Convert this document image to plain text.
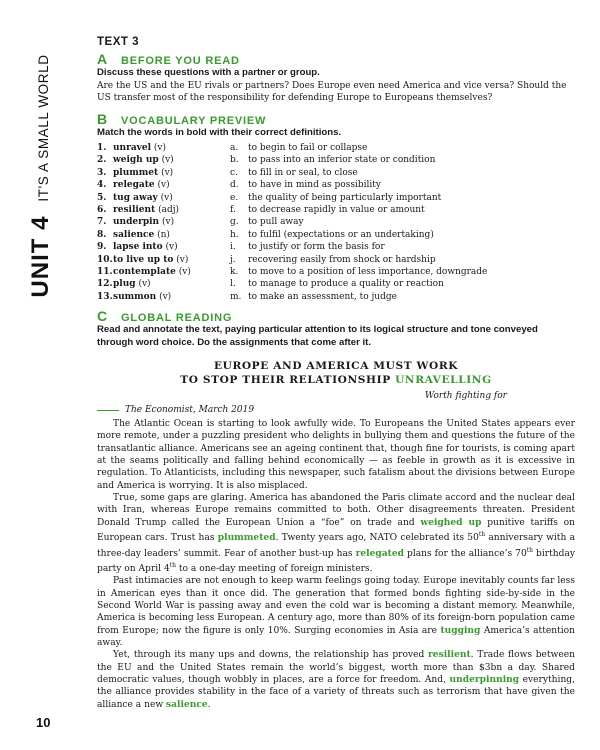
UNIT 4IT'S A SMALL WORLD
10
TEXT 3
A	BEFORE YOU READ
Discuss these questions with a partner or group.
Are the US and the EU rivals or partners? Does Europe even need America and vice versa? Should the US transfer most of the responsibility for defending Europe to Europeans themselves?
B	VOCABULARY PREVIEW
Match the words in bold with their correct definitions.
1. unravel (v)	a.	to begin to fail or collapse
2. weigh up (v)	b.	to pass into an inferior state or condition
3. plummet (v)	c.	to fill in or seal, to close
4. relegate (v)	d.	to have in mind as possibility
5. tug away (v)	e.	the quality of being particularly important
6. resilient (adj)	f.	to decrease rapidly in value or amount
7. underpin (v)	g.	to pull away
8. salience (n)	h.	to fulfil (expectations or an undertaking)
9. lapse into (v)	i.	to justify or form the basis for
10. to live up to (v)	j.	recovering easily from shock or hardship
11. contemplate (v)	k.	to move to a position of less importance, downgrade
12. plug (v)	l.	to manage to produce a quality or reaction
13. summon (v)	m. to make an assessment, to judge
C	GLOBAL READING
Read and annotate the text, paying particular attention to its logical structure and tone conveyed through word choice. Do the assignments that come after it.
EUROPE AND AMERICA MUST WORK
TO STOP THEIR RELATIONSHIP UNRAVELLING
Worth fighting for
The Economist, March 2019

The Atlantic Ocean is starting to look awfully wide. To Europeans the United States appears ever more remote, under a puzzling president who delights in bullying them and questions the future of the transatlantic alliance. Americans see an ageing continent that, though fine for tourists, is coming apart at the seams politically and falling behind economically — as feeble in growth as it is excessive in regulation. To Atlanticists, including this newspaper, such fatalism about the divisions between Europe and America is worrying. It is also misplaced.

True, some gaps are glaring. America has abandoned the Paris climate accord and the nuclear deal with Iran, whereas Europe remains committed to both. Other disagreements threaten. President Donald Trump called the European Union a “foe” on trade and weighed up punitive tariffs on European cars. Trust has plummeted. Twenty years ago, NATO celebrated its 50th anniversary with a three-day leaders’ summit. Fear of another bust-up has relegated plans for the alliance’s 70th birthday party on April 4th to a one-day meeting of foreign ministers.

Past intimacies are not enough to keep warm feelings going today. Europe inevitably counts far less in American eyes than it once did. The generation that formed bonds fighting side-by-side in the Second World War is passing away and even the cold war is becoming a distant memory. Meanwhile, America is becoming less European. A century ago, more than 80% of its foreign-born population came from Europe; now the figure is only 10%. Surging economies in Asia are tugging America’s attention away.

Yet, through its many ups and downs, the relationship has proved resilient. Trade flows between the EU and the United States remain the world’s biggest, worth more than $3bn a day. Shared democratic values, though wobbly in places, are a force for freedom. And, underpinning everything, the alliance provides stability in the face of a variety of threats such as terrorism that have given the alliance a new salience.
